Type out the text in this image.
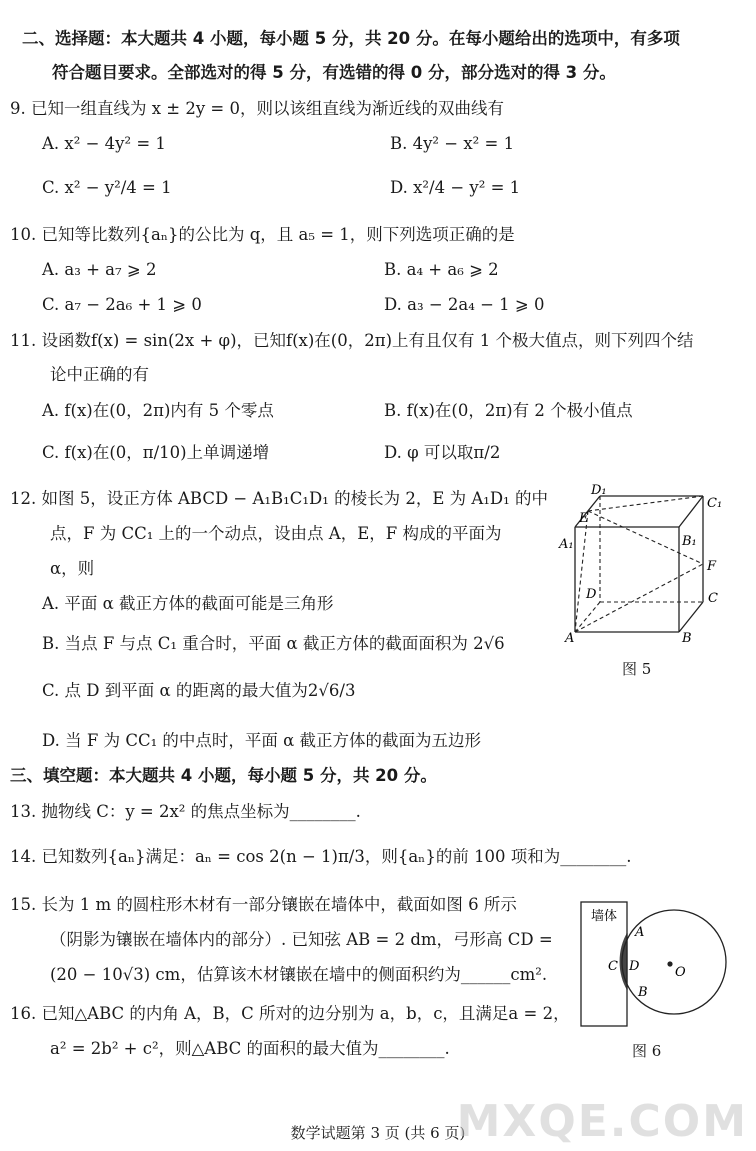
二、选择题：本大题共 4 小题，每小题 5 分，共 20 分。在每小题给出的选项中，有多项
符合题目要求。全部选对的得 5 分，有选错的得 0 分，部分选对的得 3 分。
9. 已知一组直线为 x ± 2y = 0，则以该组直线为渐近线的双曲线有
A. x² − 4y² = 1	B. 4y² − x² = 1
C. x² − y²/4 = 1	D. x²/4 − y² = 1
10. 已知等比数列{aₙ}的公比为 q，且 a₅ = 1，则下列选项正确的是
A. a₃ + a₇ ⩾ 2	B. a₄ + a₆ ⩾ 2
C. a₇ − 2a₆ + 1 ⩾ 0	D. a₃ − 2a₄ − 1 ⩾ 0
11. 设函数f(x) = sin(2x + φ)，已知f(x)在(0，2π)上有且仅有 1 个极大值点，则下列四个结
论中正确的有
A. f(x)在(0，2π)内有 5 个零点	B. f(x)在(0，2π)有 2 个极小值点
C. f(x)在(0，π/10)上单调递增	D. φ 可以取π/2
12. 如图 5，设正方体 ABCD − A₁B₁C₁D₁ 的棱长为 2，E 为 A₁D₁ 的中
点，F 为 CC₁ 上的一个动点，设由点 A，E，F 构成的平面为
α，则
A. 平面 α 截正方体的截面可能是三角形
B. 当点 F 与点 C₁ 重合时，平面 α 截正方体的截面面积为 2√6
C. 点 D 到平面 α 的距离的最大值为2√6/3
D. 当 F 为 CC₁ 的中点时，平面 α 截正方体的截面为五边形
D₁
C₁
E
A₁	B₁
F
D	C
A	B
图 5
三、填空题：本大题共 4 小题，每小题 5 分，共 20 分。
13. 抛物线 C：y = 2x² 的焦点坐标为________.
14. 已知数列{aₙ}满足：aₙ = cos 2(n − 1)π/3，则{aₙ}的前 100 项和为________.
15. 长为 1 m 的圆柱形木材有一部分镶嵌在墙体中，截面如图 6 所示
（阴影为镶嵌在墙体内的部分）. 已知弦 AB = 2 dm，弓形高 CD =
(20 − 10√3) cm，估算该木材镶嵌在墙中的侧面积约为______cm².
16. 已知△ABC 的内角 A，B，C 所对的边分别为 a，b，c，且满足a = 2，
a² = 2b² + c²，则△ABC 的面积的最大值为________.
墙体
A
C D	O
B
图 6
数学试题第 3 页 (共 6 页)
MXQE.COM
